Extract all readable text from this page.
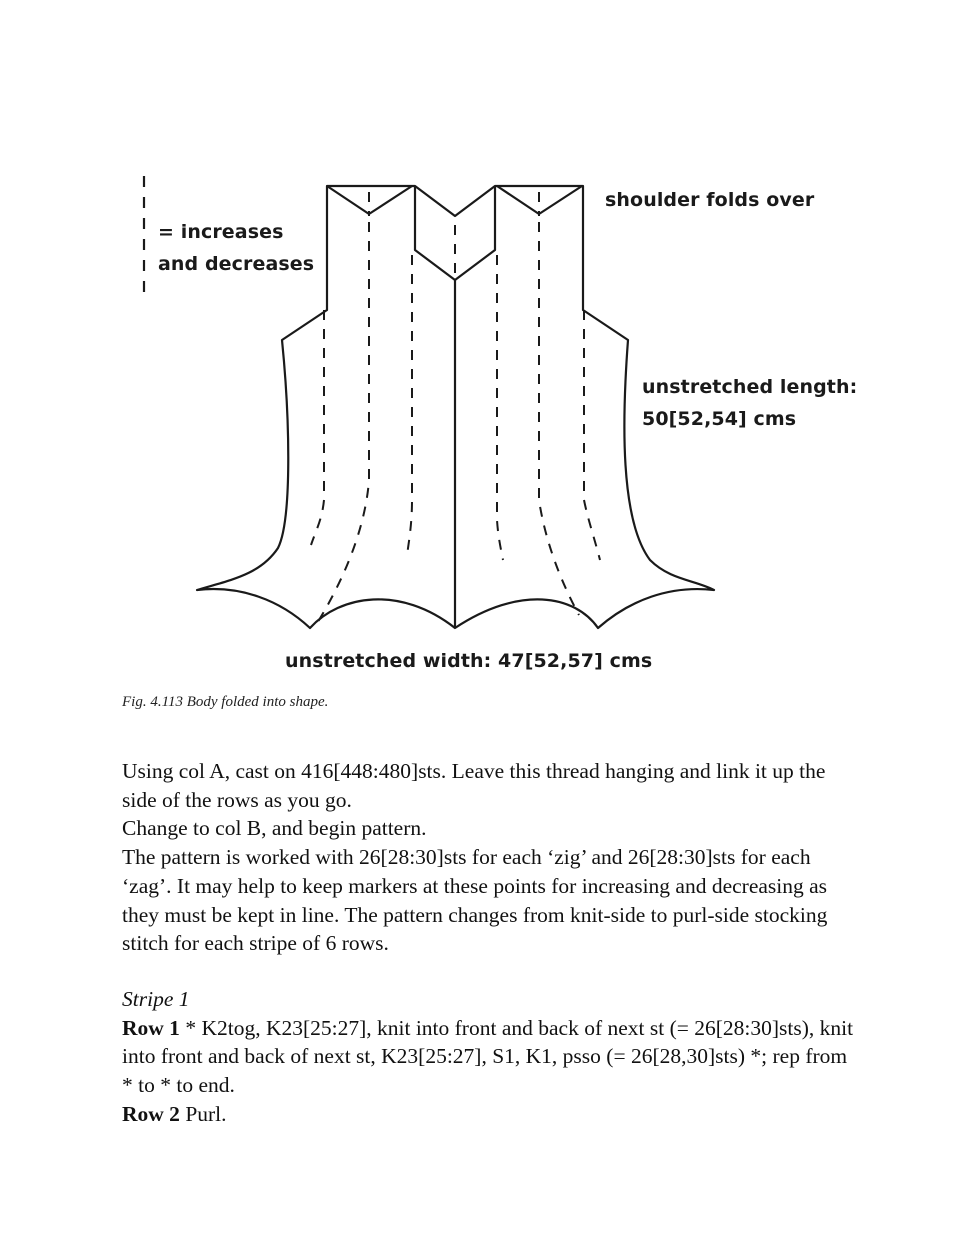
= increases
and decreases
shoulder folds over
unstretched length:
50[52,54] cms
unstretched width: 47[52,57] cms
Fig. 4.113 Body folded into shape.

Using col A, cast on 416[448:480]sts. Leave this thread hanging and link it up the side of the rows as you go.

Change to col B, and begin pattern.

The pattern is worked with 26[28:30]sts for each ‘zig’ and 26[28:30]sts for each ‘zag’. It may help to keep markers at these points for increasing and decreasing as they must be kept in line. The pattern changes from knit-side to purl-side stocking stitch for each stripe of 6 rows.

Stripe 1

Row 1 * K2tog, K23[25:27], knit into front and back of next st (= 26[28:30]sts), knit into front and back of next st, K23[25:27], S1, K1, psso (= 26[28,30]sts) *; rep from * to * to end.

Row 2 Purl.
